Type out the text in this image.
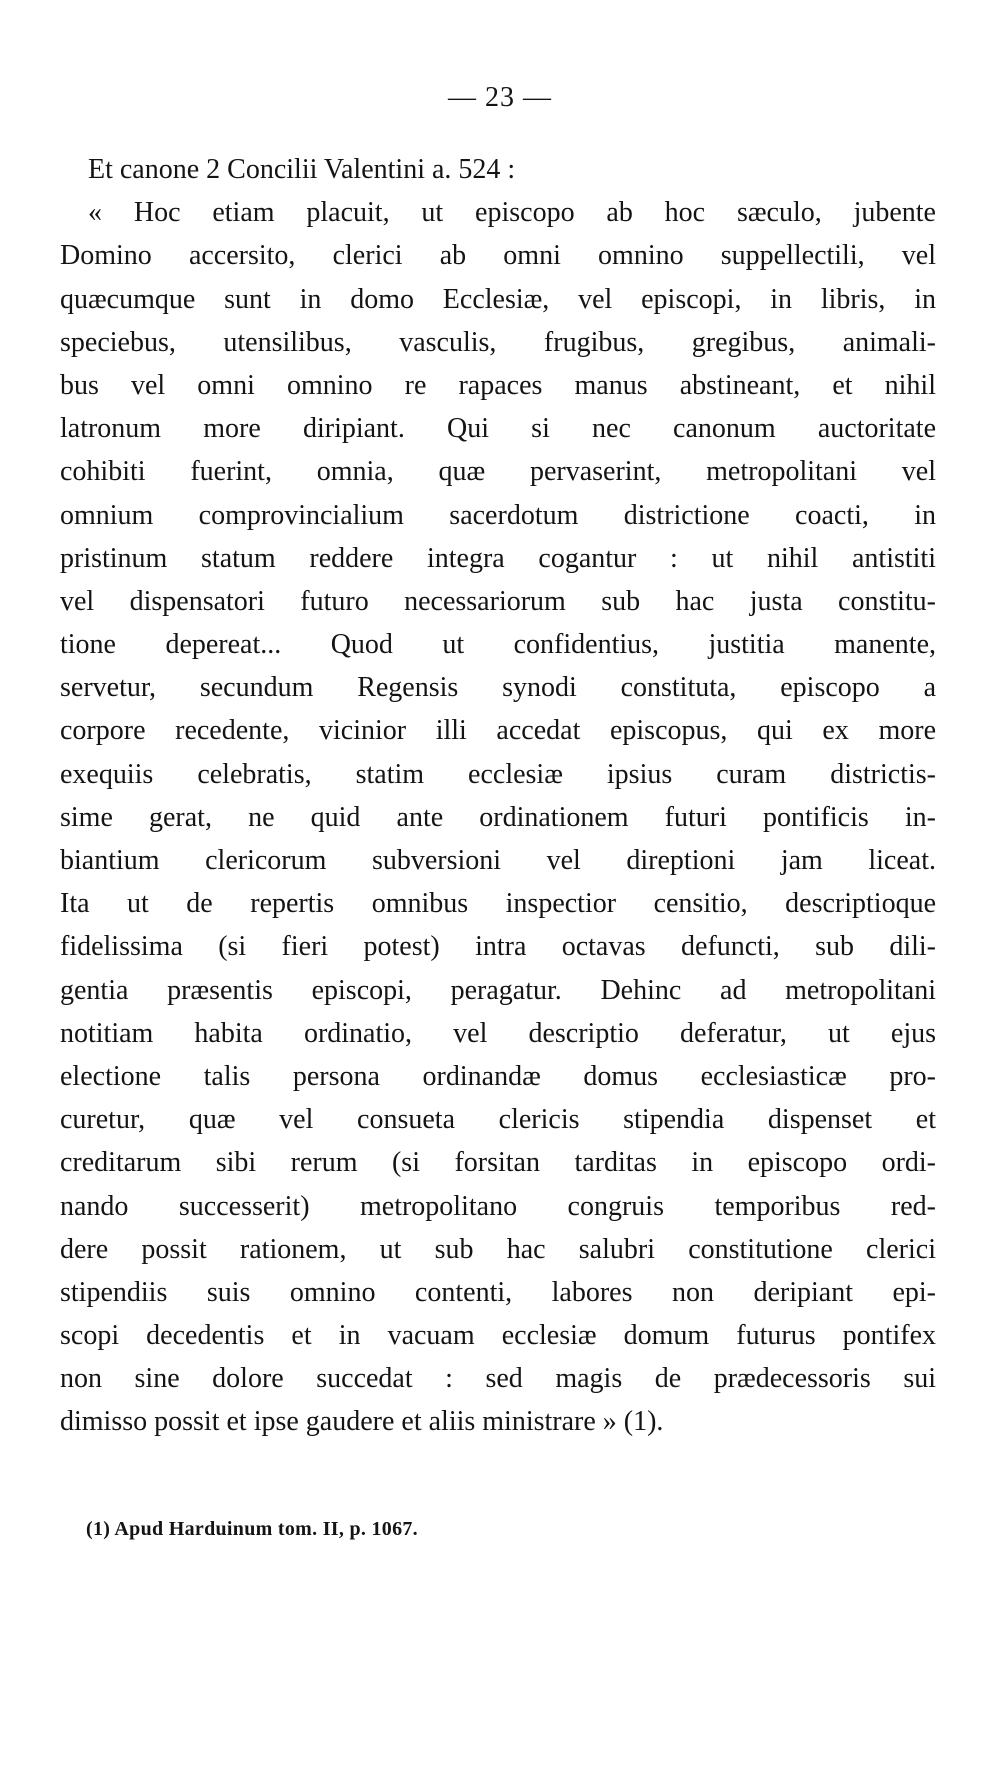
— 23 —
Et canone 2 Concilii Valentini a. 524 :
« Hoc etiam placuit, ut episcopo ab hoc sæculo, jubente
Domino accersito, clerici ab omni omnino suppellectili, vel
quæcumque sunt in domo Ecclesiæ, vel episcopi, in libris, in
speciebus, utensilibus, vasculis, frugibus, gregibus, animali-
bus vel omni omnino re rapaces manus abstineant, et nihil
latronum more diripiant. Qui si nec canonum auctoritate
cohibiti fuerint, omnia, quæ pervaserint, metropolitani vel
omnium comprovincialium sacerdotum districtione coacti, in
pristinum statum reddere integra cogantur : ut nihil antistiti
vel dispensatori futuro necessariorum sub hac justa constitu-
tione depereat... Quod ut confidentius, justitia manente,
servetur, secundum Regensis synodi constituta, episcopo a
corpore recedente, vicinior illi accedat episcopus, qui ex more
exequiis celebratis, statim ecclesiæ ipsius curam districtis-
sime gerat, ne quid ante ordinationem futuri pontificis in-
biantium clericorum subversioni vel direptioni jam liceat.
Ita ut de repertis omnibus inspectior censitio, descriptioque
fidelissima (si fieri potest) intra octavas defuncti, sub dili-
gentia præsentis episcopi, peragatur. Dehinc ad metropolitani
notitiam habita ordinatio, vel descriptio deferatur, ut ejus
electione talis persona ordinandæ domus ecclesiasticæ pro-
curetur, quæ vel consueta clericis stipendia dispenset et
creditarum sibi rerum (si forsitan tarditas in episcopo ordi-
nando successerit) metropolitano congruis temporibus red-
dere possit rationem, ut sub hac salubri constitutione clerici
stipendiis suis omnino contenti, labores non deripiant epi-
scopi decedentis et in vacuam ecclesiæ domum futurus pontifex
non sine dolore succedat : sed magis de prædecessoris sui
dimisso possit et ipse gaudere et aliis ministrare » (1).
(1) Apud Harduinum tom. II, p. 1067.
